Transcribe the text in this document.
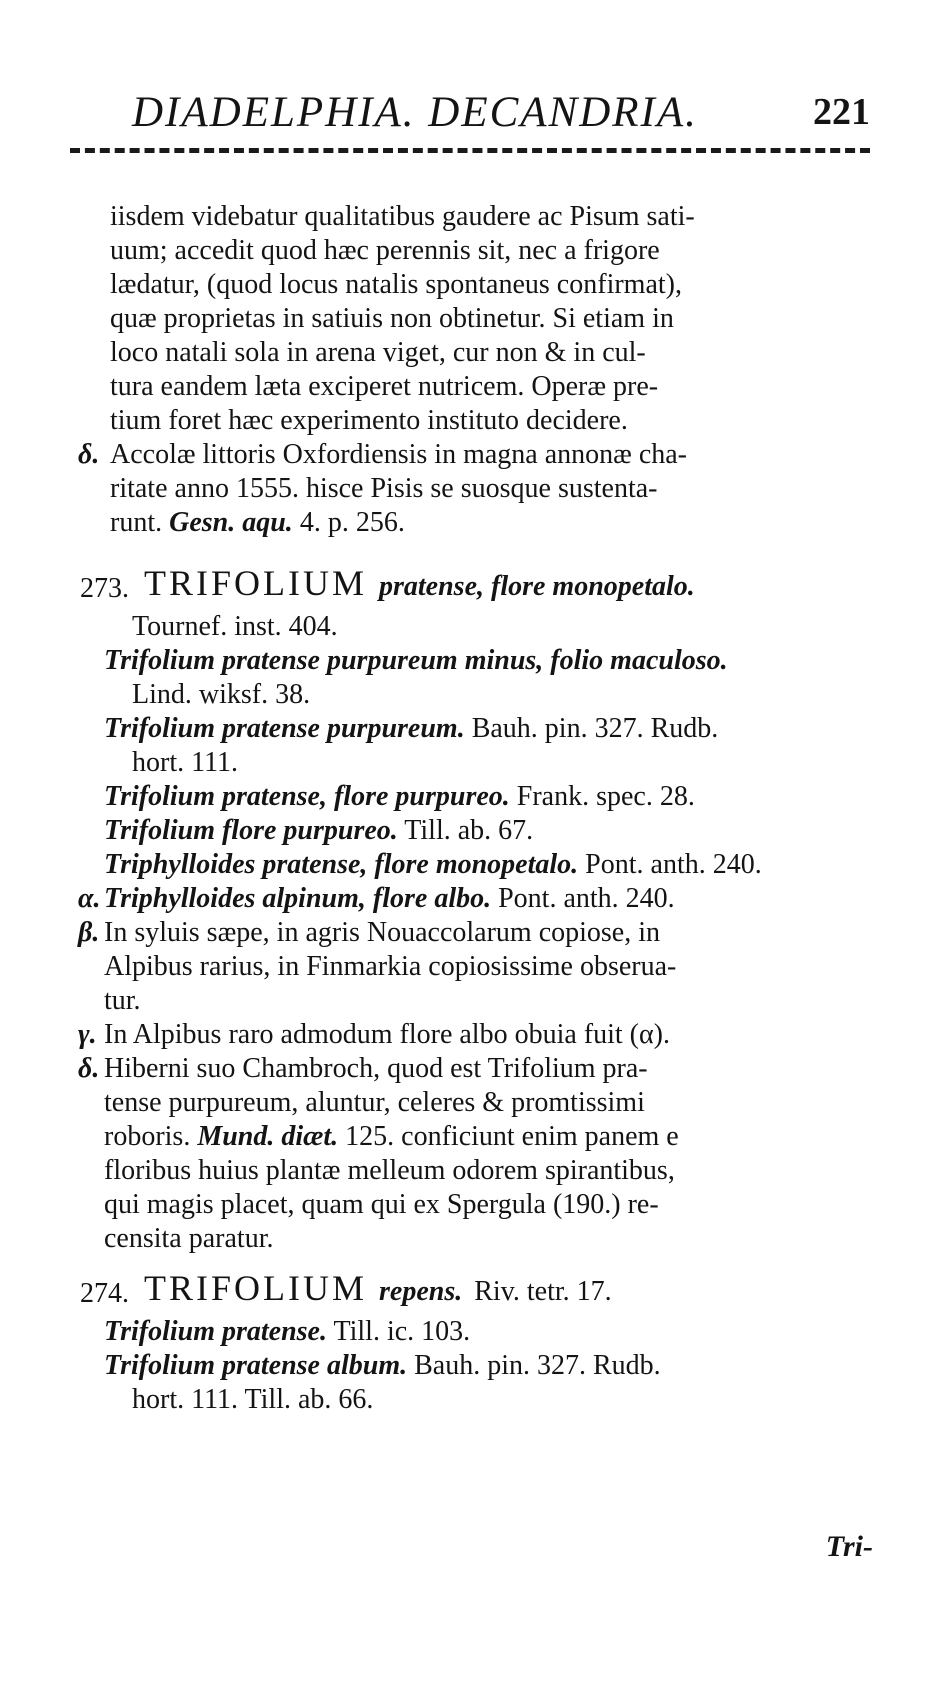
DIADELPHIA. DECANDRIA.	221
iisdem videbatur qualitatibus gaudere ac Pisum sati-
uum; accedit quod hæc perennis sit, nec a frigore
lædatur, (quod locus natalis spontaneus confirmat),
quæ proprietas in satiuis non obtinetur. Si etiam in
loco natali sola in arena viget, cur non & in cul-
tura eandem læta exciperet nutricem. Operæ pre-
tium foret hæc experimento instituto decidere.
δ. Accolæ littoris Oxfordiensis in magna annonæ cha-
ritate anno 1555. hisce Pisis se suosque sustenta-
runt. Gesn. aqu. 4. p. 256.
273. TRIFOLIUM pratense, flore monopetalo.
Tournef. inst. 404.
Trifolium pratense purpureum minus, folio maculoso.
Lind. wiksf. 38.
Trifolium pratense purpureum. Bauh. pin. 327. Rudb.
hort. 111.
Trifolium pratense, flore purpureo. Frank. spec. 28.
Trifolium flore purpureo. Till. ab. 67.
Triphylloides pratense, flore monopetalo. Pont. anth. 240.
α. Triphylloides alpinum, flore albo. Pont. anth. 240.
β. In syluis sæpe, in agris Nouaccolarum copiose, in
Alpibus rarius, in Finmarkia copiosissime obserua-
tur.
γ. In Alpibus raro admodum flore albo obuia fuit (α).
δ. Hiberni suo Chambroch, quod est Trifolium pra-
tense purpureum, aluntur, celeres & promtissimi
roboris. Mund. diæt. 125. conficiunt enim panem e
floribus huius plantæ melleum odorem spirantibus,
qui magis placet, quam qui ex Spergula (190.) re-
censita paratur.
274. TRIFOLIUM repens. Riv. tetr. 17.
Trifolium pratense. Till. ic. 103.
Trifolium pratense album. Bauh. pin. 327. Rudb.
hort. 111. Till. ab. 66.
Tri-
